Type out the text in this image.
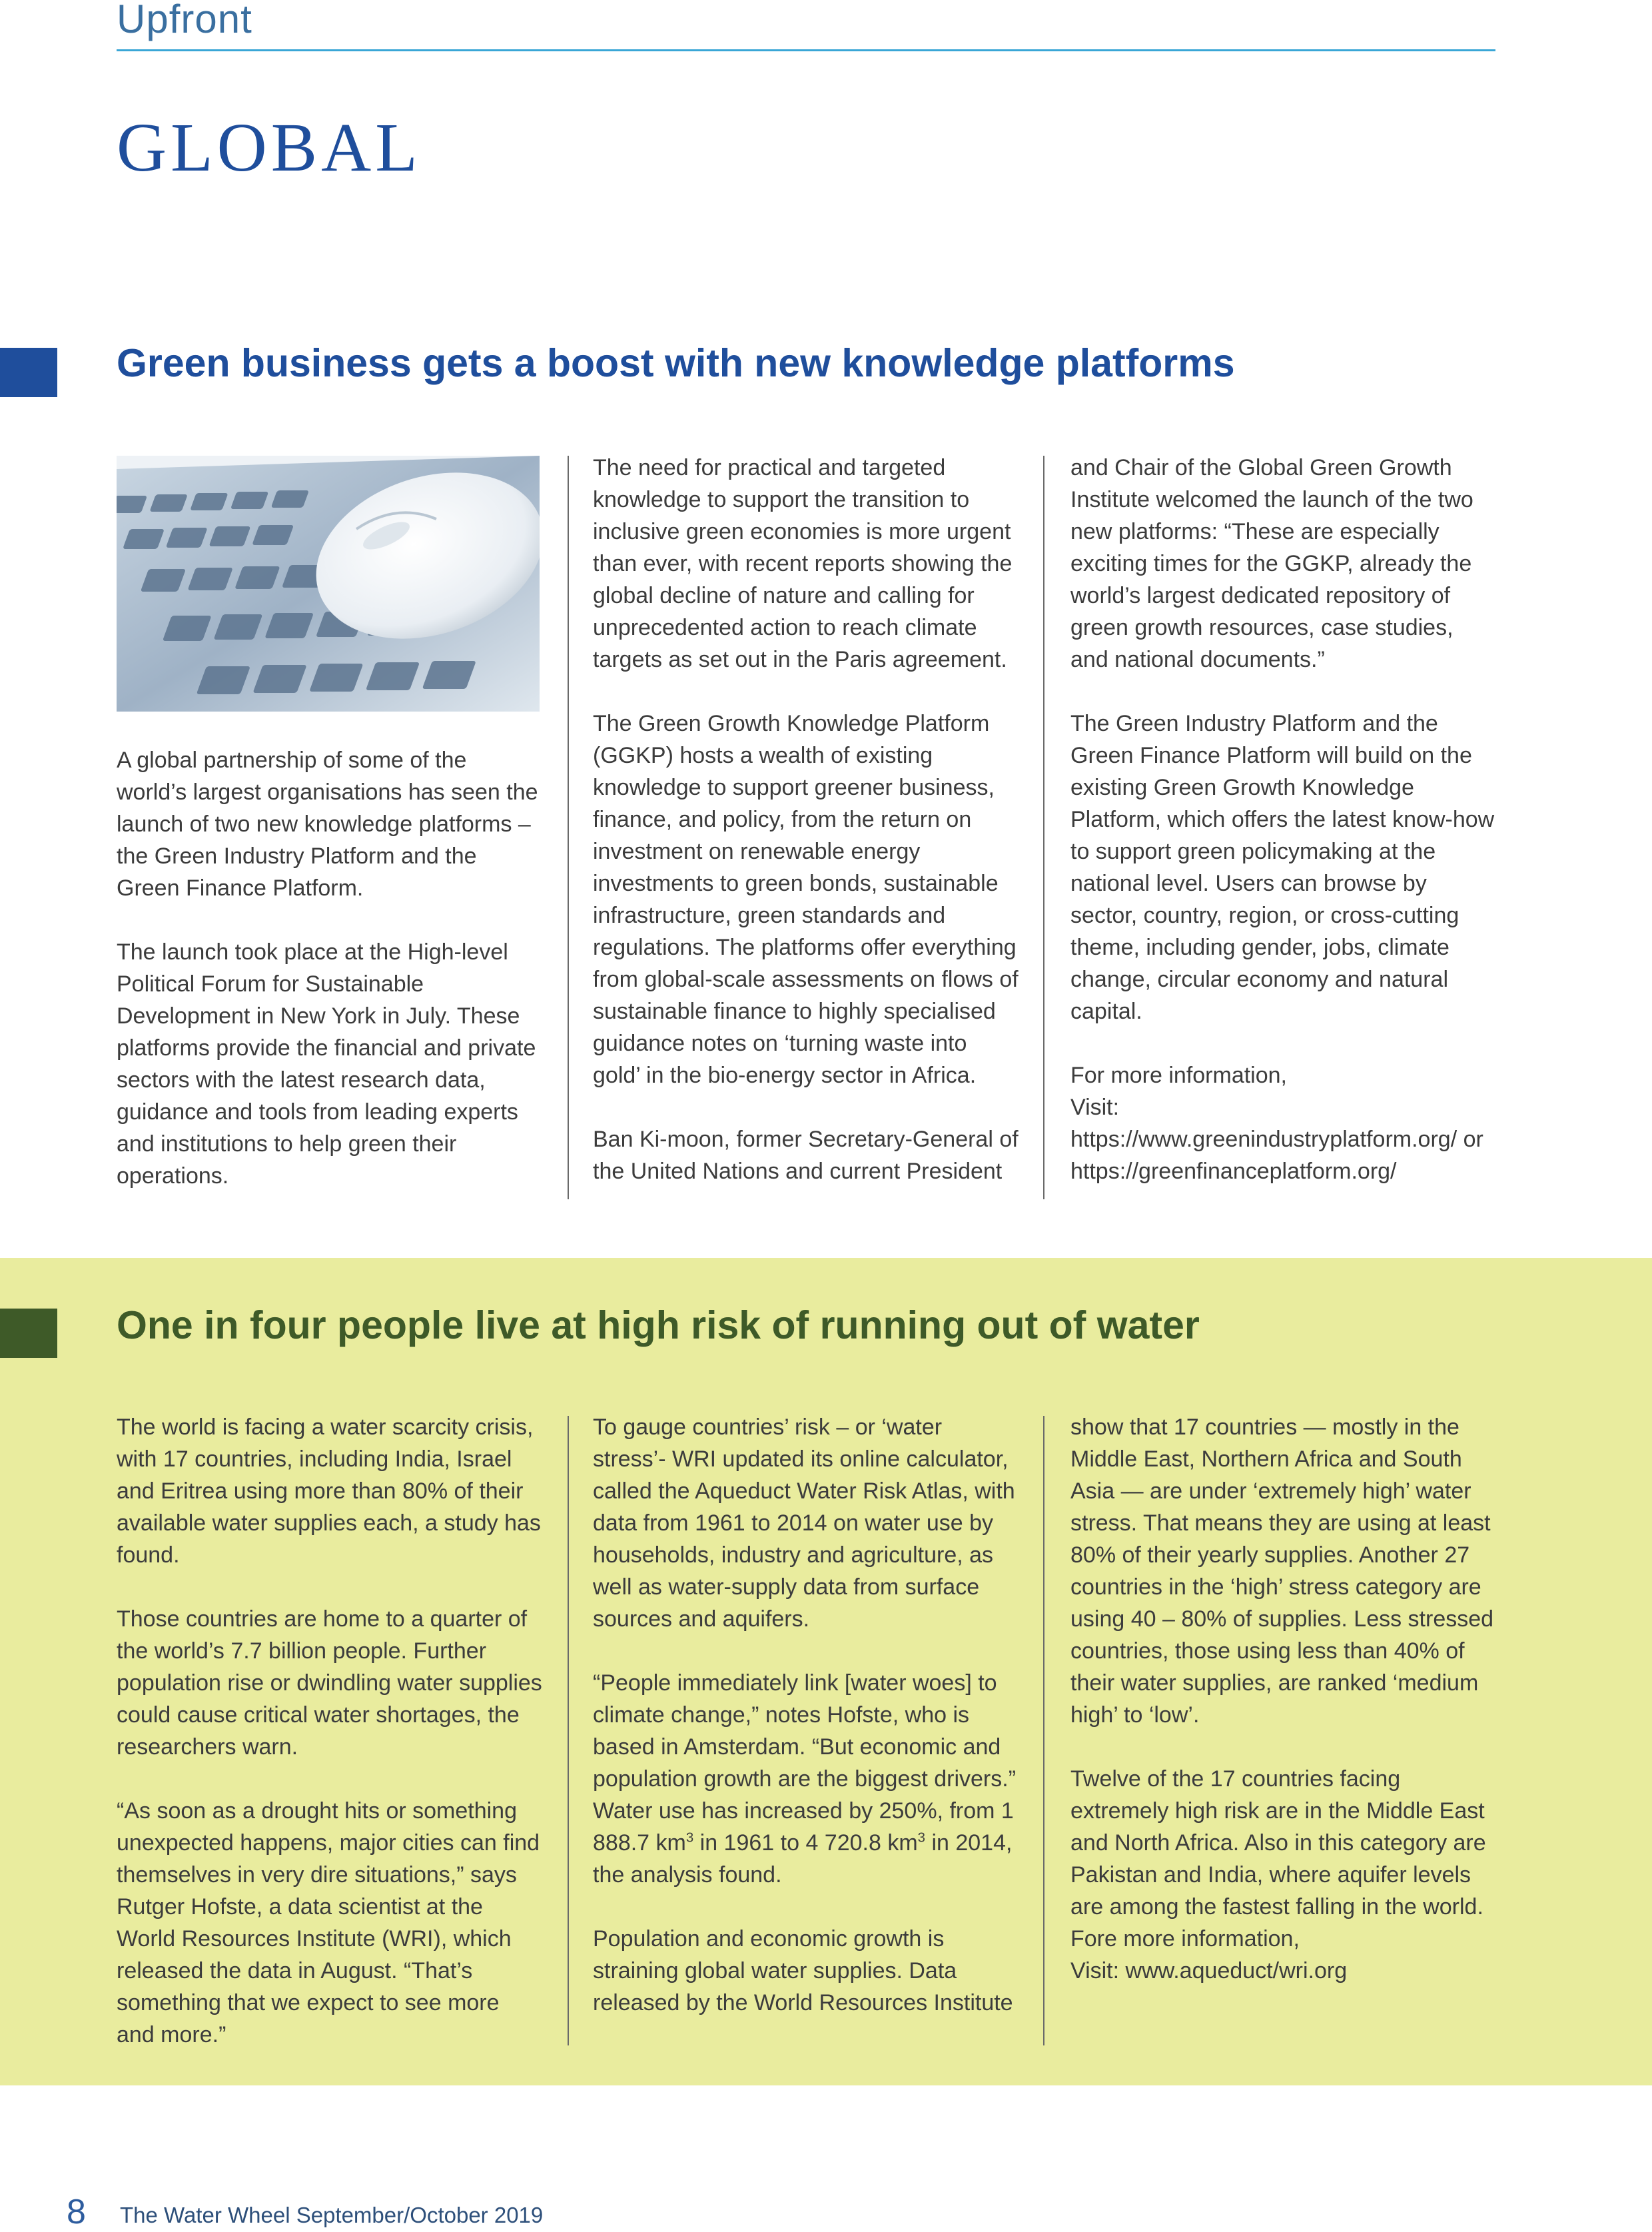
Upfront
GLOBAL
Green business gets a boost with new knowledge platforms

A global partnership of some of the world’s largest organisations has seen the launch of two new knowledge platforms – the Green Industry Platform and the Green Finance Platform.

The launch took place at the High-level Political Forum for Sustainable Development in New York in July. These platforms provide the financial and private sectors with the latest research data, guidance and tools from leading experts and institutions to help green their operations.

The need for practical and targeted knowledge to support the transition to inclusive green economies is more urgent than ever, with recent reports showing the global decline of nature and calling for unprecedented action to reach climate targets as set out in the Paris agreement.

The Green Growth Knowledge Platform (GGKP) hosts a wealth of existing knowledge to support greener business, finance, and policy, from the return on investment on renewable energy investments to green bonds, sustainable infrastructure, green standards and regulations. The platforms offer everything from global-scale assessments on flows of sustainable finance to highly specialised guidance notes on ‘turning waste into gold’ in the bio-energy sector in Africa.

Ban Ki-moon, former Secretary-General of the United Nations and current President

and Chair of the Global Green Growth Institute welcomed the launch of the two new platforms: “These are especially exciting times for the GGKP, already the world’s largest dedicated repository of green growth resources, case studies, and national documents.”

The Green Industry Platform and the Green Finance Platform will build on the existing Green Growth Knowledge Platform, which offers the latest know-how to support green policymaking at the national level. Users can browse by sector, country, region, or cross-cutting theme, including gender, jobs, climate change, circular economy and natural capital.

For more information,
Visit: https://www.greenindustryplatform.org/ or https://greenfinanceplatform.org/

One in four people live at high risk of running out of water

The world is facing a water scarcity crisis, with 17 countries, including India, Israel and Eritrea using more than 80% of their available water supplies each, a study has found.

Those countries are home to a quarter of the world’s 7.7 billion people. Further population rise or dwindling water supplies could cause critical water shortages, the researchers warn.

“As soon as a drought hits or something unexpected happens, major cities can find themselves in very dire situations,” says Rutger Hofste, a data scientist at the World Resources Institute (WRI), which released the data in August. “That’s something that we expect to see more and more.”

To gauge countries’ risk – or ‘water stress’- WRI updated its online calculator, called the Aqueduct Water Risk Atlas, with data from 1961 to 2014 on water use by households, industry and agriculture, as well as water-supply data from surface sources and aquifers.

“People immediately link [water woes] to climate change,” notes Hofste, who is based in Amsterdam. “But economic and population growth are the biggest drivers.” Water use has increased by 250%, from 1 888.7 $km^3$ in 1961 to 4 720.8 $km^3$ in 2014, the analysis found.

Population and economic growth is straining global water supplies. Data released by the World Resources Institute

show that 17 countries — mostly in the Middle East, Northern Africa and South Asia — are under ‘extremely high’ water stress. That means they are using at least 80% of their yearly supplies. Another 27 countries in the ‘high’ stress category are using 40 – 80% of supplies. Less stressed countries, those using less than 40% of their water supplies, are ranked ‘medium high’ to ‘low’.

Twelve of the 17 countries facing extremely high risk are in the Middle East and North Africa. Also in this category are Pakistan and India, where aquifer levels are among the fastest falling in the world.
Fore more information,
Visit: www.aqueduct/wri.org

8 The Water Wheel September/October 2019
